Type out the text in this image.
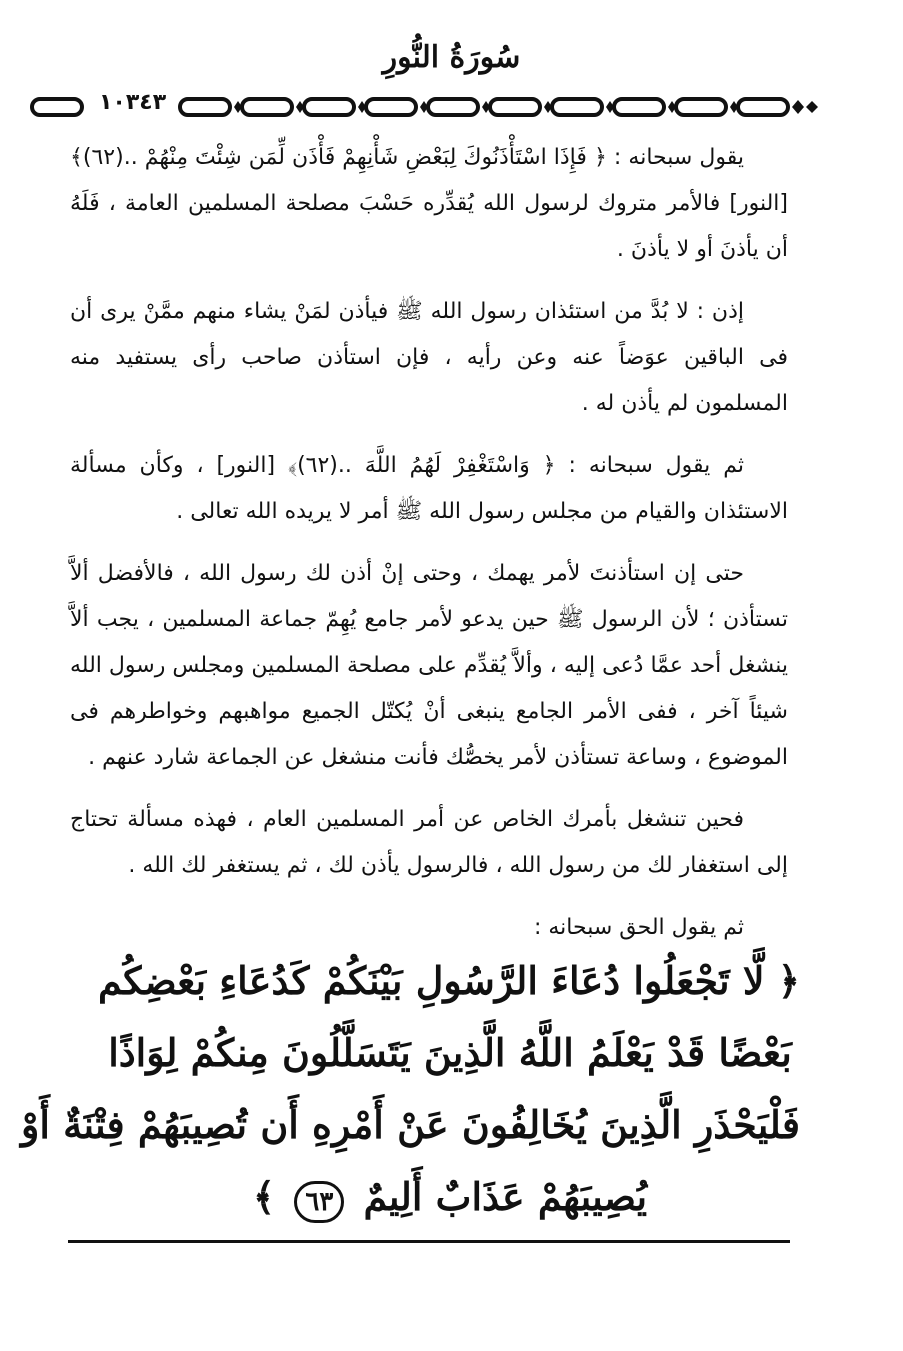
سُورَةُ النُّورِ
١٠٣٤٣

يقول سبحانه : ﴿ فَإِذَا اسْتَأْذَنُوكَ لِبَعْضِ شَأْنِهِمْ فَأْذَن لِّمَن شِئْتَ مِنْهُمْ ..(٦٢)﴾ [النور] فالأمر متروك لرسول الله يُقدِّره حَسْبَ مصلحة المسلمين العامة ، فَلَهُ أن يأذنَ أو لا يأذنَ .

إذن : لا بُدَّ من استئذان رسول الله ﷺ فيأذن لمَنْ يشاء منهم ممَّنْ يرى أن فى الباقين عوَضاً عنه وعن رأيه ، فإن استأذن صاحب رأى يستفيد منه المسلمون لم يأذن له .

ثم يقول سبحانه : ﴿ وَاسْتَغْفِرْ لَهُمُ اللَّهَ ..(٦٢)﴾ [النور] ، وكأن مسألة الاستئذان والقيام من مجلس رسول الله ﷺ أمر لا يريده الله تعالى .

حتى إن استأذنتَ لأمر يهمك ، وحتى إنْ أذن لك رسول الله ، فالأفضل ألاَّ تستأذن ؛ لأن الرسول ﷺ حين يدعو لأمر جامع يُهِمّ جماعة المسلمين ، يجب ألاَّ ينشغل أحد عمَّا دُعى إليه ، وألاَّ يُقدِّم على مصلحة المسلمين ومجلس رسول الله شيئاً آخر ، ففى الأمر الجامع ينبغى أنْ يُكتّل الجميع مواهبهم وخواطرهم فى الموضوع ، وساعة تستأذن لأمر يخصُّك فأنت منشغل عن الجماعة شارد عنهم .

فحين تنشغل بأمرك الخاص عن أمر المسلمين العام ، فهذه مسألة تحتاج إلى استغفار لك من رسول الله ، فالرسول يأذن لك ، ثم يستغفر لك الله .

ثم يقول الحق سبحانه :

﴿ لَّا تَجْعَلُوا دُعَاءَ الرَّسُولِ بَيْنَكُمْ كَدُعَاءِ بَعْضِكُم
بَعْضًا قَدْ يَعْلَمُ اللَّهُ الَّذِينَ يَتَسَلَّلُونَ مِنكُمْ لِوَاذًا
فَلْيَحْذَرِ الَّذِينَ يُخَالِفُونَ عَنْ أَمْرِهِ أَن تُصِيبَهُمْ فِتْنَةٌ أَوْ
يُصِيبَهُمْ عَذَابٌ أَلِيمٌ ٦٣ ﴾
